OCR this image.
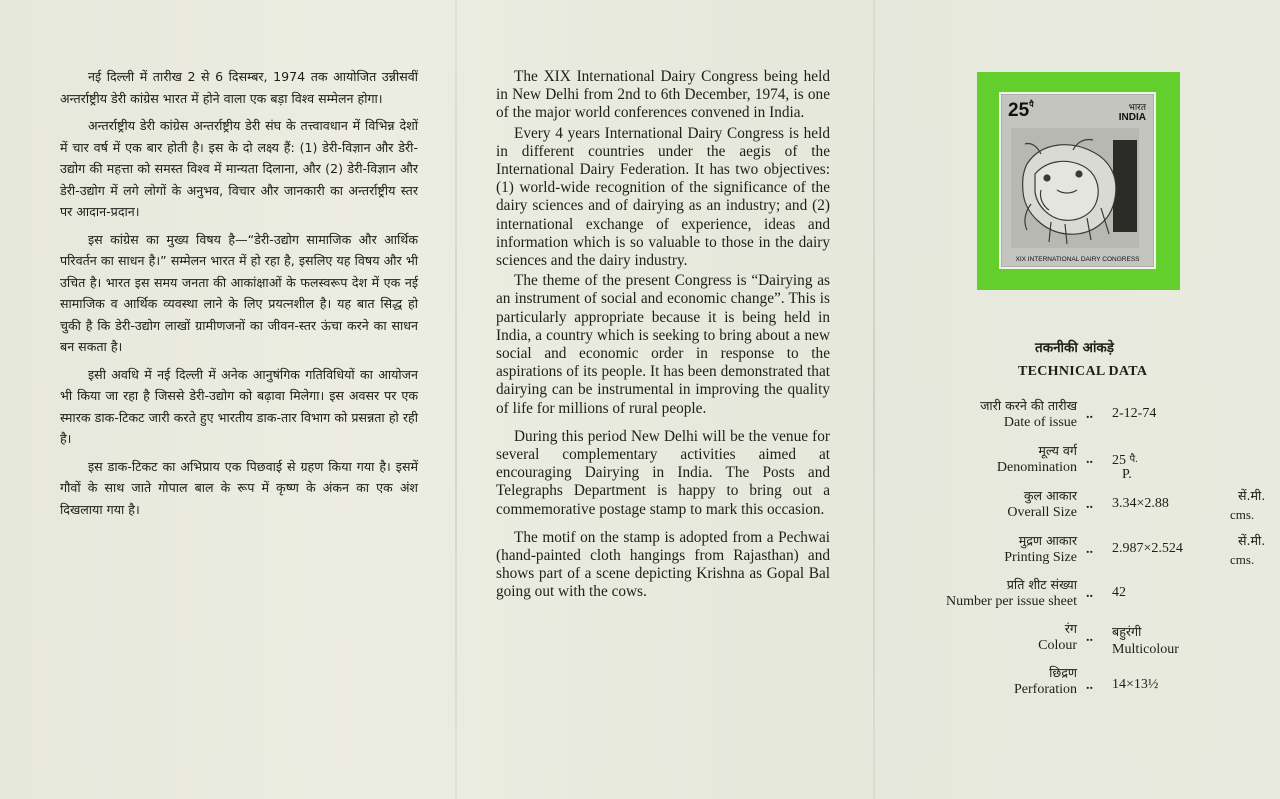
नई दिल्ली में तारीख 2 से 6 दिसम्बर, 1974 तक आयोजित उन्नीसवीं अन्तर्राष्ट्रीय डेरी कांग्रेस भारत में होने वाला एक बड़ा विश्व सम्मेलन होगा।

अन्तर्राष्ट्रीय डेरी कांग्रेस अन्तर्राष्ट्रीय डेरी संघ के तत्त्वावधान में विभिन्न देशों में चार वर्ष में एक बार होती है। इस के दो लक्ष्य हैं: (1) डेरी-विज्ञान और डेरी-उद्योग की महत्ता को समस्त विश्व में मान्यता दिलाना, और (2) डेरी-विज्ञान और डेरी-उद्योग में लगे लोगों के अनुभव, विचार और जानकारी का अन्तर्राष्ट्रीय स्तर पर आदान-प्रदान।

इस कांग्रेस का मुख्य विषय है—“डेरी-उद्योग सामाजिक और आर्थिक परिवर्तन का साधन है।” सम्मेलन भारत में हो रहा है, इसलिए यह विषय और भी उचित है। भारत इस समय जनता की आकांक्षाओं के फलस्वरूप देश में एक नई सामाजिक व आर्थिक व्यवस्था लाने के लिए प्रयत्नशील है। यह बात सिद्ध हो चुकी है कि डेरी-उद्योग लाखों ग्रामीणजनों का जीवन-स्तर ऊंचा करने का साधन बन सकता है।

इसी अवधि में नई दिल्ली में अनेक आनुषंगिक गतिविधियों का आयोजन भी किया जा रहा है जिससे डेरी-उद्योग को बढ़ावा मिलेगा। इस अवसर पर एक स्मारक डाक-टिकट जारी करते हुए भारतीय डाक-तार विभाग को प्रसन्नता हो रही है।

इस डाक-टिकट का अभिप्राय एक पिछवाई से ग्रहण किया गया है। इसमें गौवों के साथ जाते गोपाल बाल के रूप में कृष्ण के अंकन का एक अंश दिखलाया गया है।

The XIX International Dairy Congress being held in New Delhi from 2nd to 6th December, 1974, is one of the major world conferences convened in India.

Every 4 years International Dairy Congress is held in different countries under the aegis of the International Dairy Federation. It has two objectives: (1) world-wide recognition of the significance of the dairy sciences and of dairying as an industry; and (2) international exchange of experience, ideas and information which is so valuable to those in the dairy sciences and the dairy industry.

The theme of the present Congress is “Dairying as an instrument of social and economic change”. This is particularly appropriate because it is being held in India, a country which is seeking to bring about a new social and economic order in response to the aspirations of its people. It has been demonstrated that dairying can be instrumental in improving the quality of life for millions of rural people.

During this period New Delhi will be the venue for several complementary activities aimed at encouraging Dairying in India. The Posts and Telegraphs Department is happy to bring out a commemorative postage stamp to mark this occasion.

The motif on the stamp is adopted from a Pechwai (hand-painted cloth hangings from Rajasthan) and shows part of a scene depicting Krishna as Gopal Bal going out with the cows.

$25^{पै}$	भारत
INDIA
XIX INTERNATIONAL DAIRY CONGRESS
तकनीकी आंकड़े
TECHNICAL DATA
जारी करने की तारीख
Date of issue
.. 2-12-74
मूल्य वर्ग
Denomination
.. 25 पै.
P.
कुल आकार
Overall Size
.. 3.34×2.88
सें.मी.
cms.
मुद्रण आकार
Printing Size
.. 2.987×2.524
सें.मी.
cms.
प्रति शीट संख्या
Number per issue sheet
.. 42
रंग
Colour
.. बहुरंगी
Multicolour
छिद्रण
Perforation .. 14×13½
